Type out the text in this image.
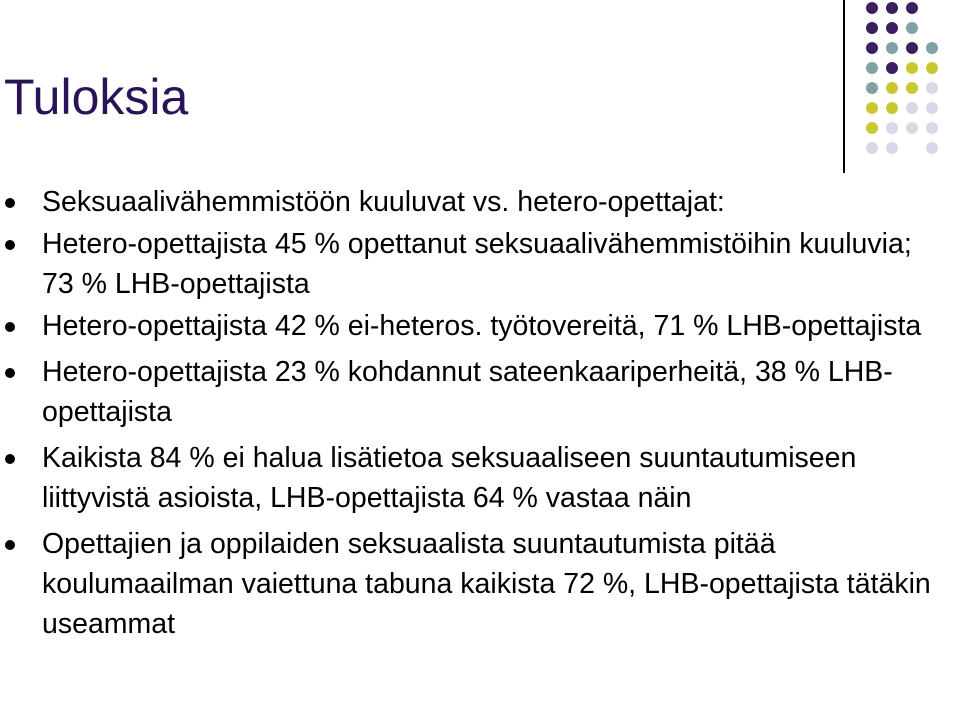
Tuloksia
Seksuaalivähemmistöön kuuluvat vs. hetero-opettajat:
Hetero-opettajista 45 % opettanut seksuaalivähemmistöihin kuuluvia; 73 % LHB-opettajista
Hetero-opettajista 42 % ei-heteros. työtovereitä, 71 % LHB-opettajista
Hetero-opettajista 23 % kohdannut sateenkaariperheitä, 38 % LHB-opettajista
Kaikista 84 % ei halua lisätietoa seksuaaliseen suuntautumiseen liittyvistä asioista, LHB-opettajista 64 % vastaa näin
Opettajien ja oppilaiden seksuaalista suuntautumista pitää koulumaailman vaiettuna tabuna kaikista 72 %, LHB-opettajista tätäkin useammat
